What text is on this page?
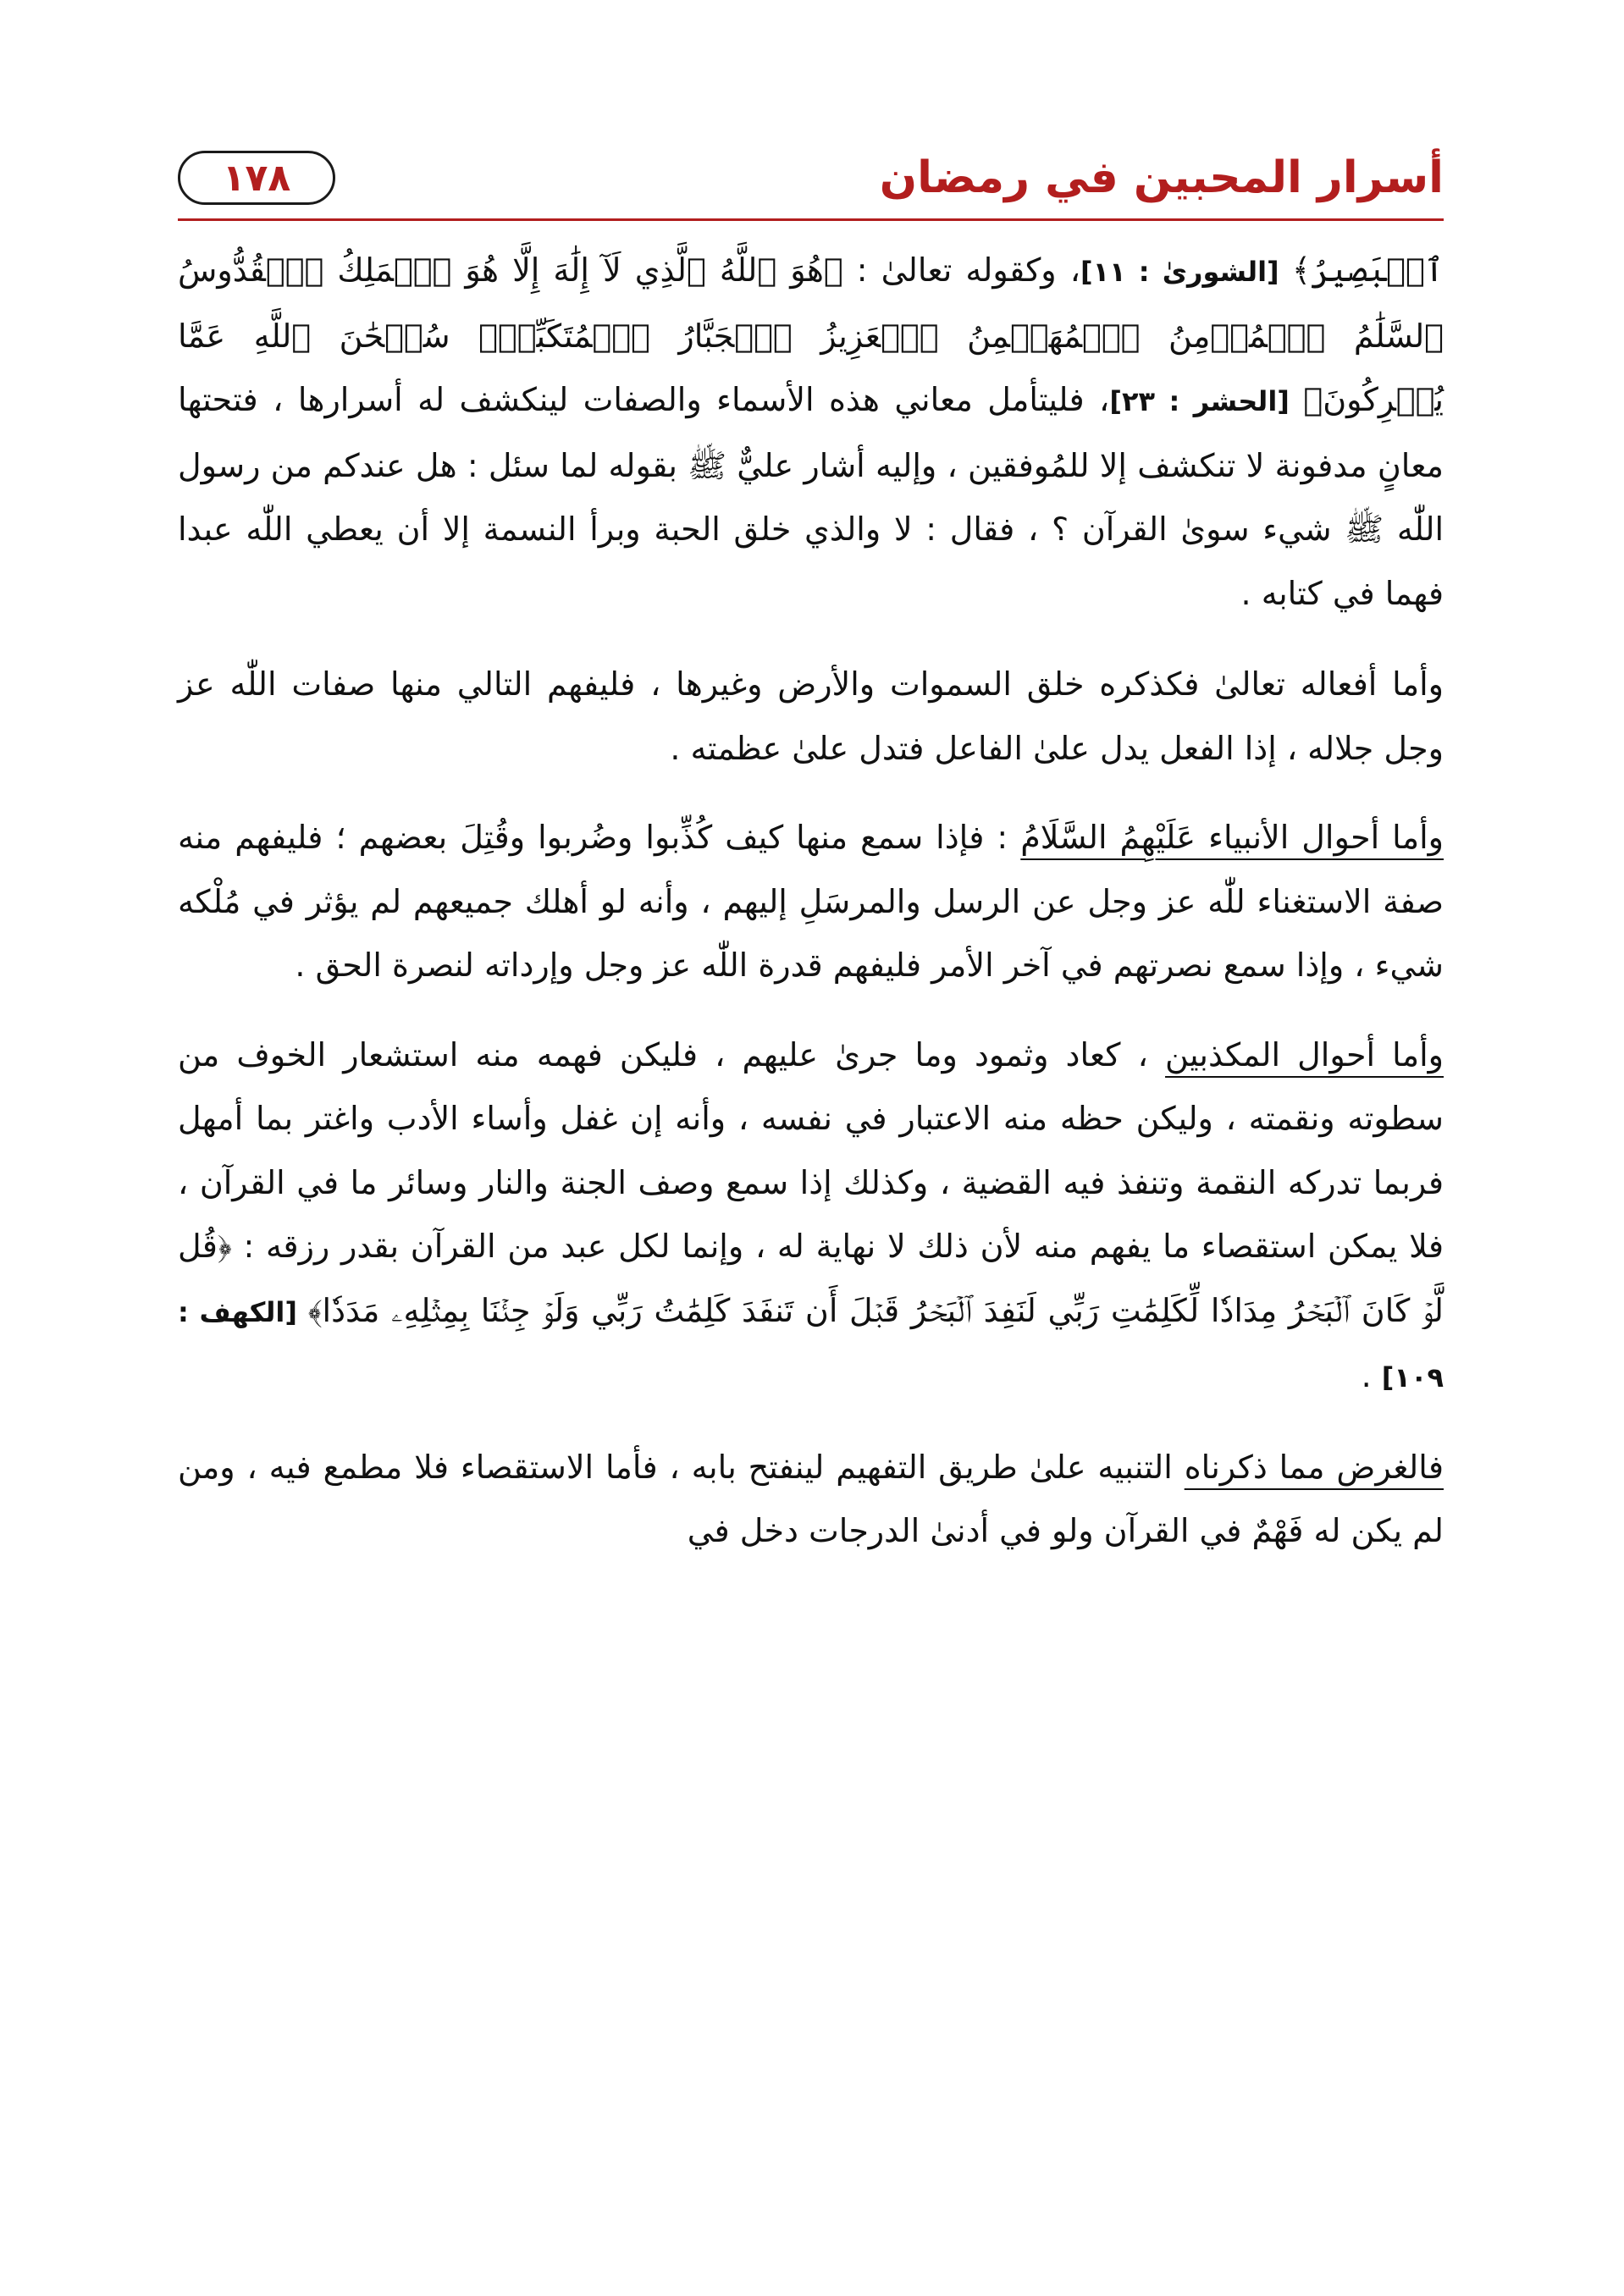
أسرار المحبين في رمضان
١٧٨

ٱلۡبَصِيرُ﴾ [الشورىٰ : ١١]، وكقوله تعالىٰ : ﴿هُوَ ٱللَّهُ ٱلَّذِي لَآ إِلَٰهَ إِلَّا هُوَ ٱلۡمَلِكُ ٱلۡقُدُّوسُ ٱلسَّلَٰمُ ٱلۡمُؤۡمِنُ ٱلۡمُهَيۡمِنُ ٱلۡعَزِيزُ ٱلۡجَبَّارُ ٱلۡمُتَكَبِّرُۚ سُبۡحَٰنَ ٱللَّهِ عَمَّا يُشۡرِكُونَ﴾ [الحشر : ٢٣]، فليتأمل معاني هذه الأسماء والصفات لينكشف له أسرارها ، فتحتها معانٍ مدفونة لا تنكشف إلا للمُوفقين ، وإليه أشار عليٌّ ﷺ بقوله لما سئل : هل عندكم من رسول اللّٰه ﷺ شيء سوىٰ القرآن ؟ ، فقال : لا والذي خلق الحبة وبرأ النسمة إلا أن يعطي اللّٰه عبدا فهما في كتابه .

وأما أفعاله تعالىٰ فكذكره خلق السموات والأرض وغيرها ، فليفهم التالي منها صفات اللّٰه عز وجل جلاله ، إذا الفعل يدل علىٰ الفاعل فتدل علىٰ عظمته .

وأما أحوال الأنبياء عَلَيْهِمُ السَّلَامُ : فإذا سمع منها كيف كُذِّبوا وضُربوا وقُتِلَ بعضهم ؛ فليفهم منه صفة الاستغناء للّٰه عز وجل عن الرسل والمرسَلِ إليهم ، وأنه لو أهلك جميعهم لم يؤثر في مُلْكه شيء ، وإذا سمع نصرتهم في آخر الأمر فليفهم قدرة اللّٰه عز وجل وإرداته لنصرة الحق .

وأما أحوال المكذبين ، كعاد وثمود وما جرىٰ عليهم ، فليكن فهمه منه استشعار الخوف من سطوته ونقمته ، وليكن حظه منه الاعتبار في نفسه ، وأنه إن غفل وأساء الأدب واغتر بما أمهل فربما تدركه النقمة وتنفذ فيه القضية ، وكذلك إذا سمع وصف الجنة والنار وسائر ما في القرآن ، فلا يمكن استقصاء ما يفهم منه لأن ذلك لا نهاية له ، وإنما لكل عبد من القرآن بقدر رزقه : ﴿قُل لَّوۡ كَانَ ٱلۡبَحۡرُ مِدَادٗا لِّكَلِمَٰتِ رَبِّي لَنَفِدَ ٱلۡبَحۡرُ قَبۡلَ أَن تَنفَدَ كَلِمَٰتُ رَبِّي وَلَوۡ جِئۡنَا بِمِثۡلِهِۦ مَدَدٗا﴾ [الكهف : ١٠٩] .

فالغرض مما ذكرناه التنبيه علىٰ طريق التفهيم لينفتح بابه ، فأما الاستقصاء فلا مطمع فيه ، ومن لم يكن له فَهْمٌ في القرآن ولو في أدنىٰ الدرجات دخل في
